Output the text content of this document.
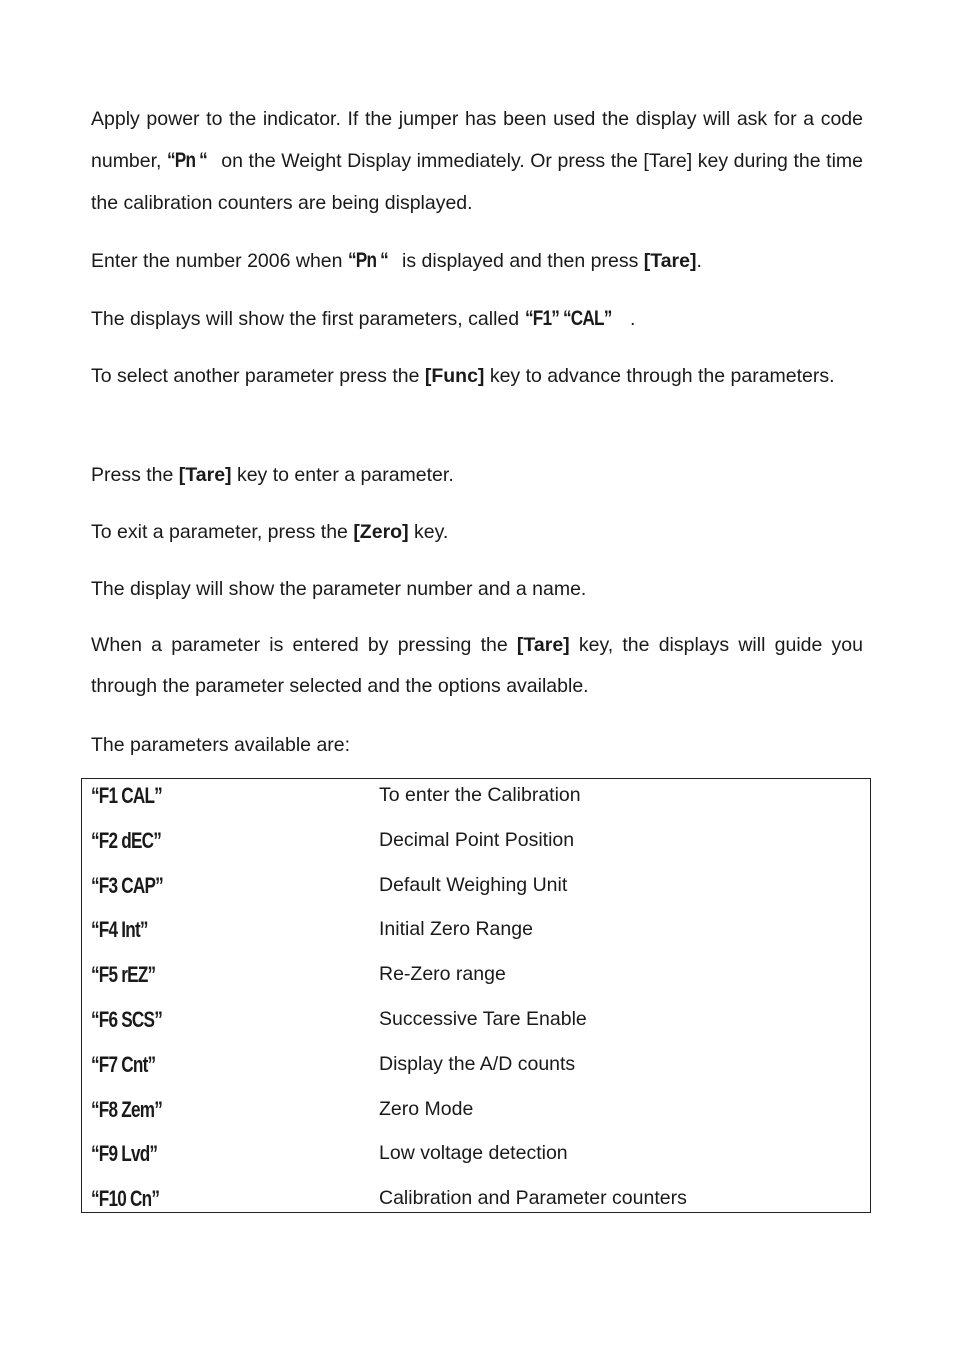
Apply power to the indicator. If the jumper has been used the display will ask for a code number, “Pn “ on the Weight Display immediately. Or press the [Tare] key during the time the calibration counters are being displayed.

Enter the number 2006 when “Pn “ is displayed and then press [Tare].

The displays will show the first parameters, called “F1” “CAL” .

To select another parameter press the [Func] key to advance through the parameters.

Press the [Tare] key to enter a parameter.

To exit a parameter, press the [Zero] key.

The display will show the parameter number and a name.

When a parameter is entered by pressing the [Tare] key, the displays will guide you through the parameter selected and the options available.

The parameters available are:

“F1 CAL”	To enter the Calibration
“F2 dEC”	Decimal Point Position
“F3 CAP”	Default Weighing Unit
“F4 Int”	Initial Zero Range
“F5 rEZ”	Re-Zero range
“F6 SCS”	Successive Tare Enable
“F7 Cnt”	Display the A/D counts
“F8 Zem”	Zero Mode
“F9 Lvd”	Low voltage detection
“F10 Cn”	Calibration and Parameter counters
